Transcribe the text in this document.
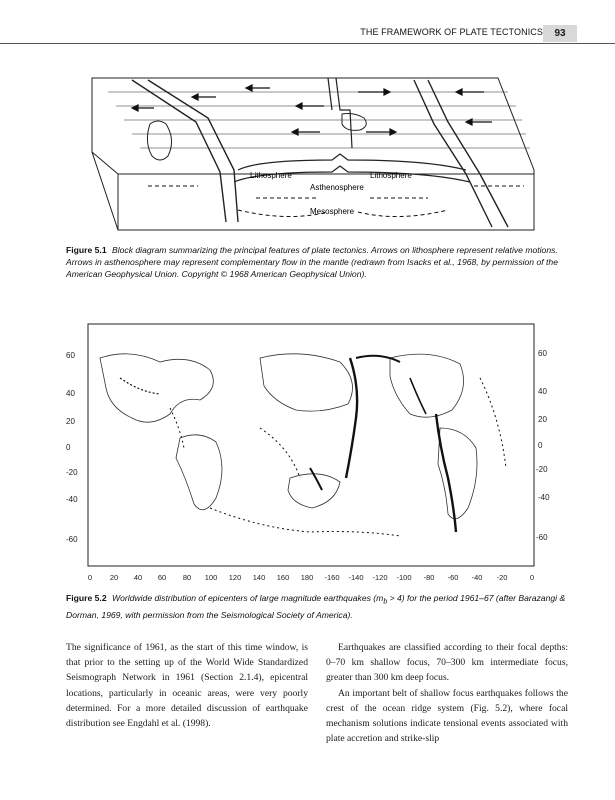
THE FRAMEWORK OF PLATE TECTONICS	93
Lithosphere	Lithosphere
Asthenosphere
Mesosphere
Figure 5.1 Block diagram summarizing the principal features of plate tectonics. Arrows on lithosphere represent relative motions. Arrows in asthenosphere may represent complementary flow in the mantle (redrawn from Isacks et al., 1968, by permission of the American Geophysical Union. Copyright © 1968 American Geophysical Union).
60
40
20
0
-20
-40
-60
60
40
20
0
-20
-40
-60
0 20 40 60 80 100 120 140 160 180 -160 -140 -120 -100 -80 -60 -40 -20	0
Figure 5.2 Worldwide distribution of epicenters of large magnitude earthquakes $(m_b > 4)$ for the period 1961–67 (after Barazangi & Dorman, 1969, with permission from the Seismological Society of America).

The significance of 1961, as the start of this time window, is that prior to the setting up of the World Wide Standardized Seismograph Network in 1961 (Section 2.1.4), epicentral locations, particularly in oceanic areas, were very poorly determined. For a more detailed discussion of earthquake distribution see Engdahl et al. (1998).

Earthquakes are classified according to their focal depths: 0–70 km shallow focus, 70–300 km intermediate focus, greater than 300 km deep focus.

An important belt of shallow focus earthquakes follows the crest of the ocean ridge system (Fig. 5.2), where focal mechanism solutions indicate tensional events associated with plate accretion and strike-slip
